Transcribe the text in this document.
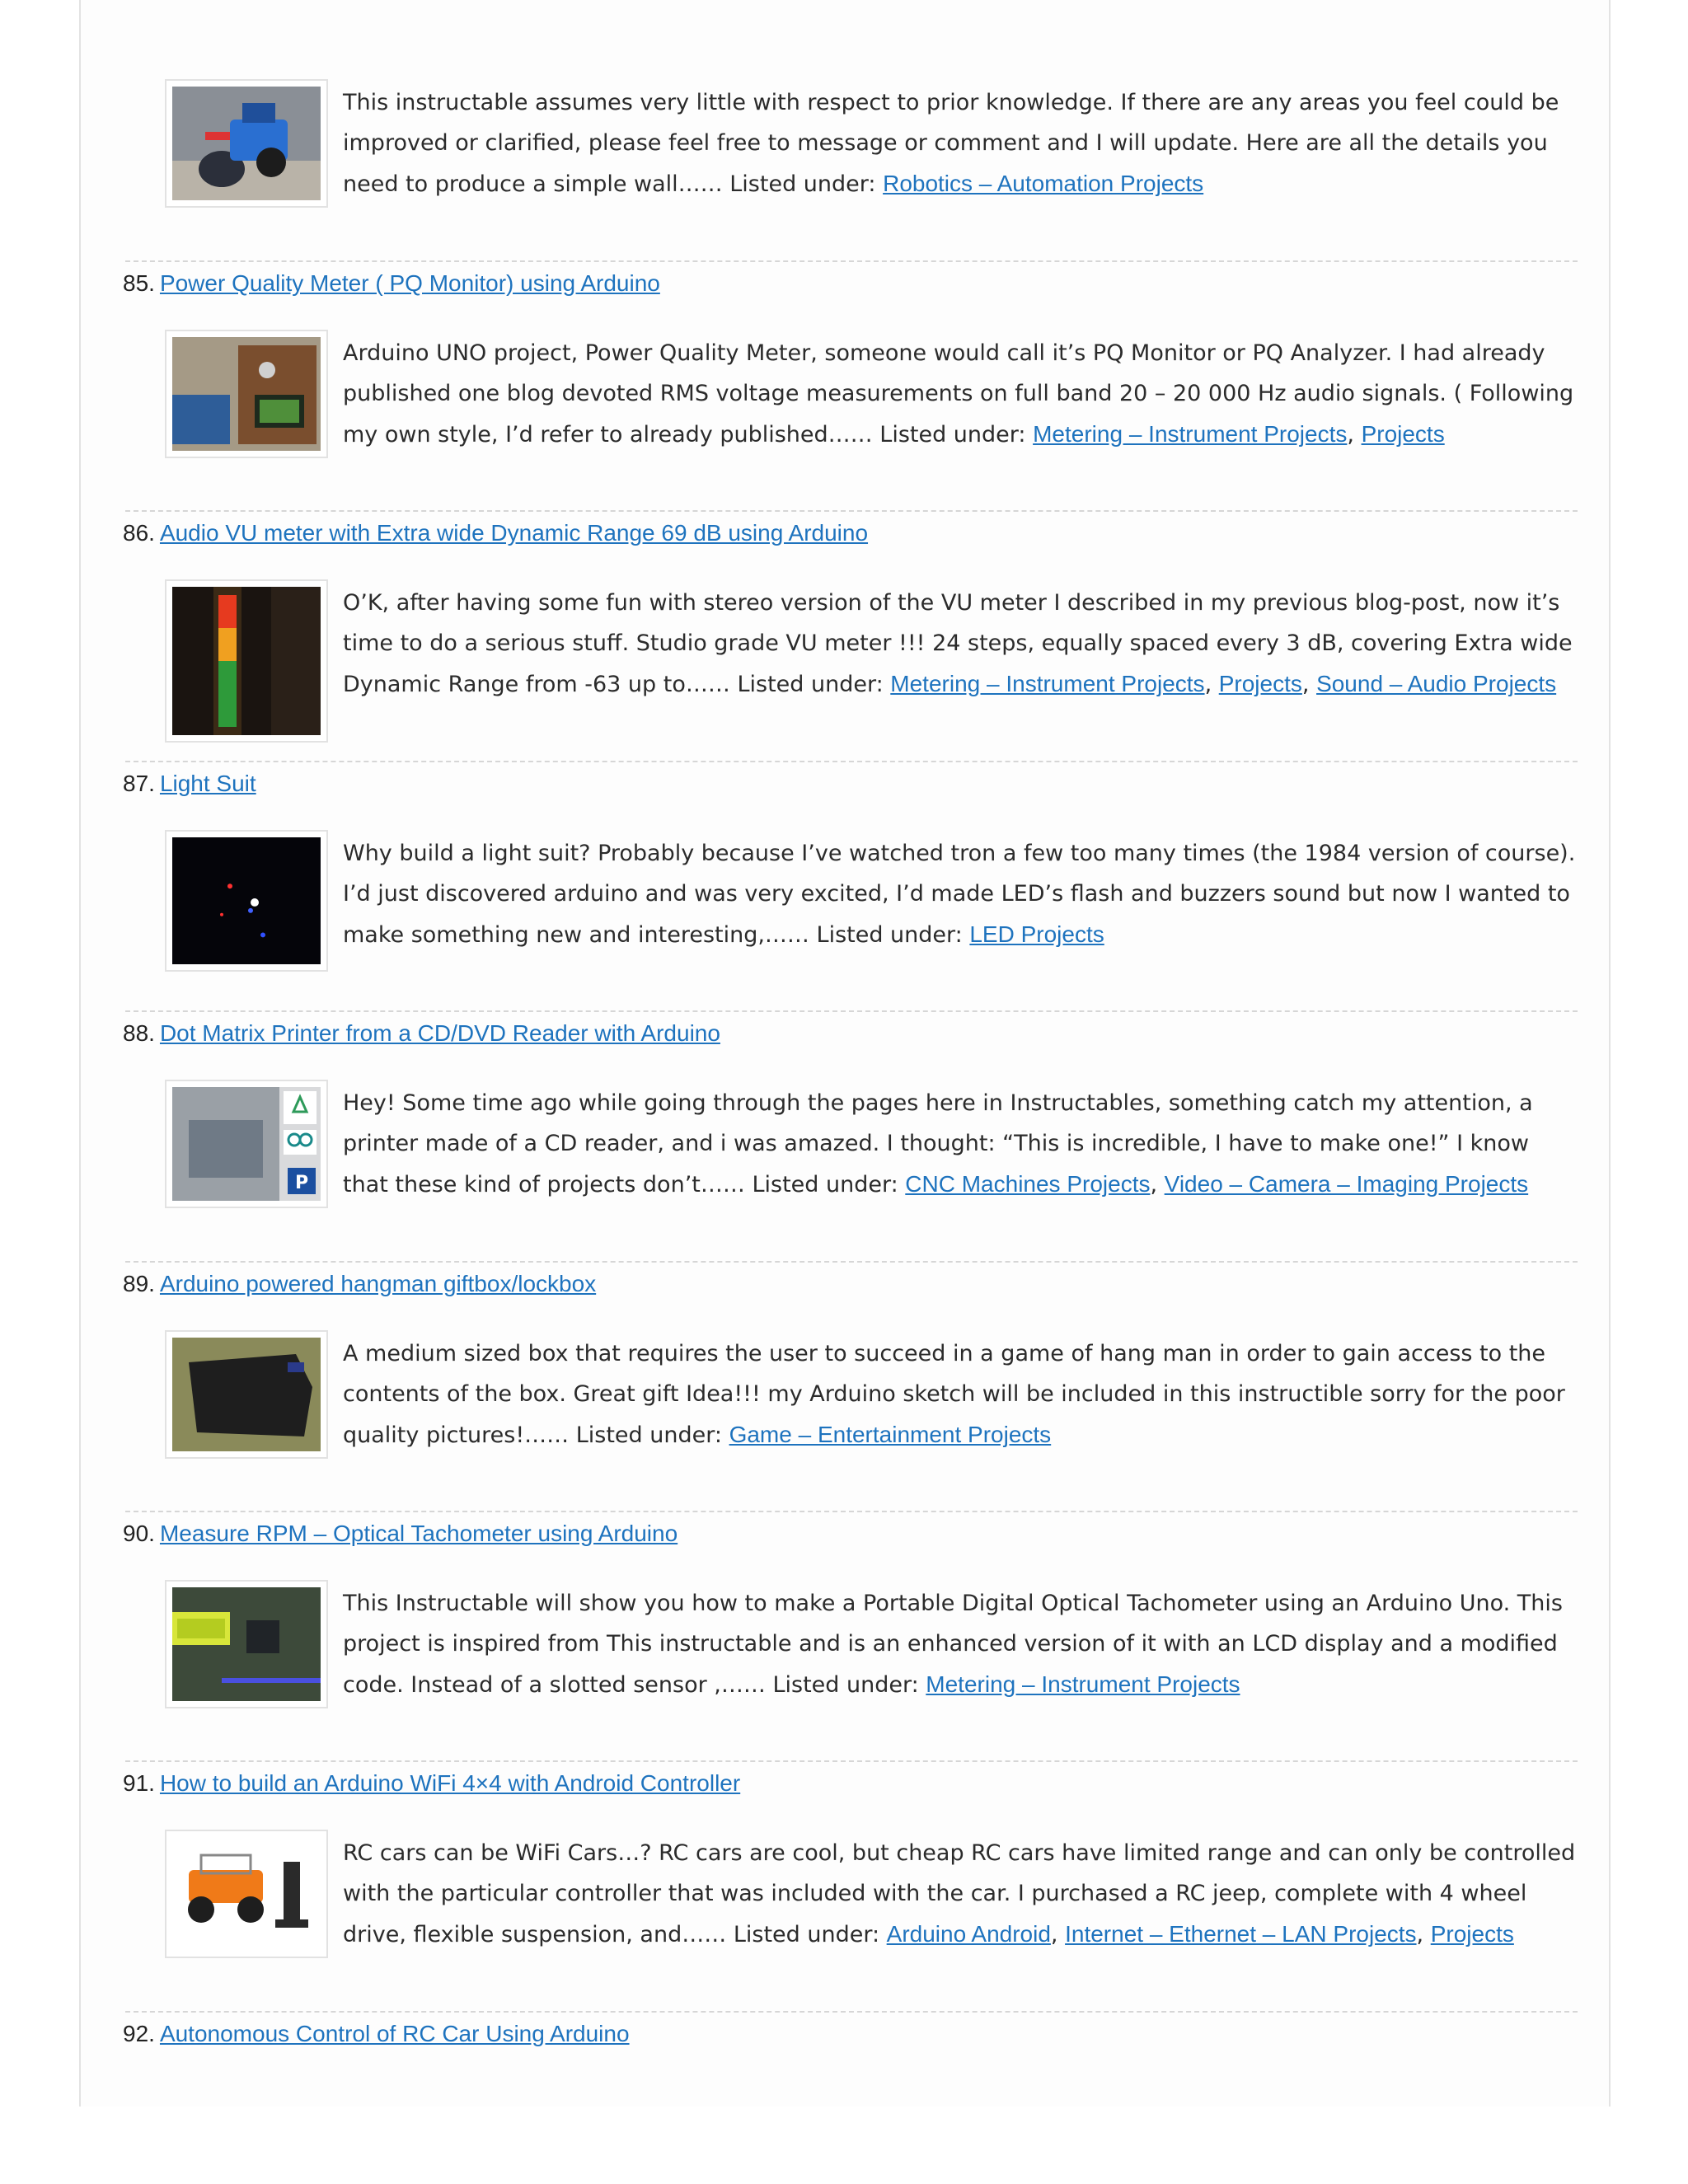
This instructable assumes very little with respect to prior knowledge. If there are any areas you feel could be improved or clarified, please feel free to message or comment and I will update. Here are all the details you need to produce a simple wall…… Listed under: Robotics – Automation Projects
85. Power Quality Meter ( PQ Monitor) using Arduino
Arduino UNO project, Power Quality Meter, someone would call it’s PQ Monitor or PQ Analyzer. I had already published one blog devoted RMS voltage measurements on full band 20 – 20 000 Hz audio signals. ( Following my own style, I’d refer to already published…… Listed under: Metering – Instrument Projects, Projects
86. Audio VU meter with Extra wide Dynamic Range 69 dB using Arduino
O’K, after having some fun with stereo version of the VU meter I described in my previous blog-post, now it’s time to do a serious stuff. Studio grade VU meter !!! 24 steps, equally spaced every 3 dB, covering Extra wide Dynamic Range from -63 up to…… Listed under: Metering – Instrument Projects, Projects, Sound – Audio Projects
87. Light Suit
Why build a light suit? Probably because I’ve watched tron a few too many times (the 1984 version of course). I’d just discovered arduino and was very excited, I’d made LED’s flash and buzzers sound but now I wanted to make something new and interesting,…… Listed under: LED Projects
88. Dot Matrix Printer from a CD/DVD Reader with Arduino
P
Hey! Some time ago while going through the pages here in Instructables, something catch my attention, a printer made of a CD reader, and i was amazed. I thought: “This is incredible, I have to make one!” I know that these kind of projects don’t…… Listed under: CNC Machines Projects, Video – Camera – Imaging Projects
89. Arduino powered hangman giftbox/lockbox
A medium sized box that requires the user to succeed in a game of hang man in order to gain access to the contents of the box. Great gift Idea!!! my Arduino sketch will be included in this instructible sorry for the poor quality pictures!…… Listed under: Game – Entertainment Projects
90. Measure RPM – Optical Tachometer using Arduino
This Instructable will show you how to make a Portable Digital Optical Tachometer using an Arduino Uno. This project is inspired from This instructable and is an enhanced version of it with an LCD display and a modified code. Instead of a slotted sensor ,…… Listed under: Metering – Instrument Projects
91. How to build an Arduino WiFi 4×4 with Android Controller
RC cars can be WiFi Cars…? RC cars are cool, but cheap RC cars have limited range and can only be controlled with the particular controller that was included with the car. I purchased a RC jeep, complete with 4 wheel drive, flexible suspension, and…… Listed under: Arduino Android, Internet – Ethernet – LAN Projects, Projects
92. Autonomous Control of RC Car Using Arduino
